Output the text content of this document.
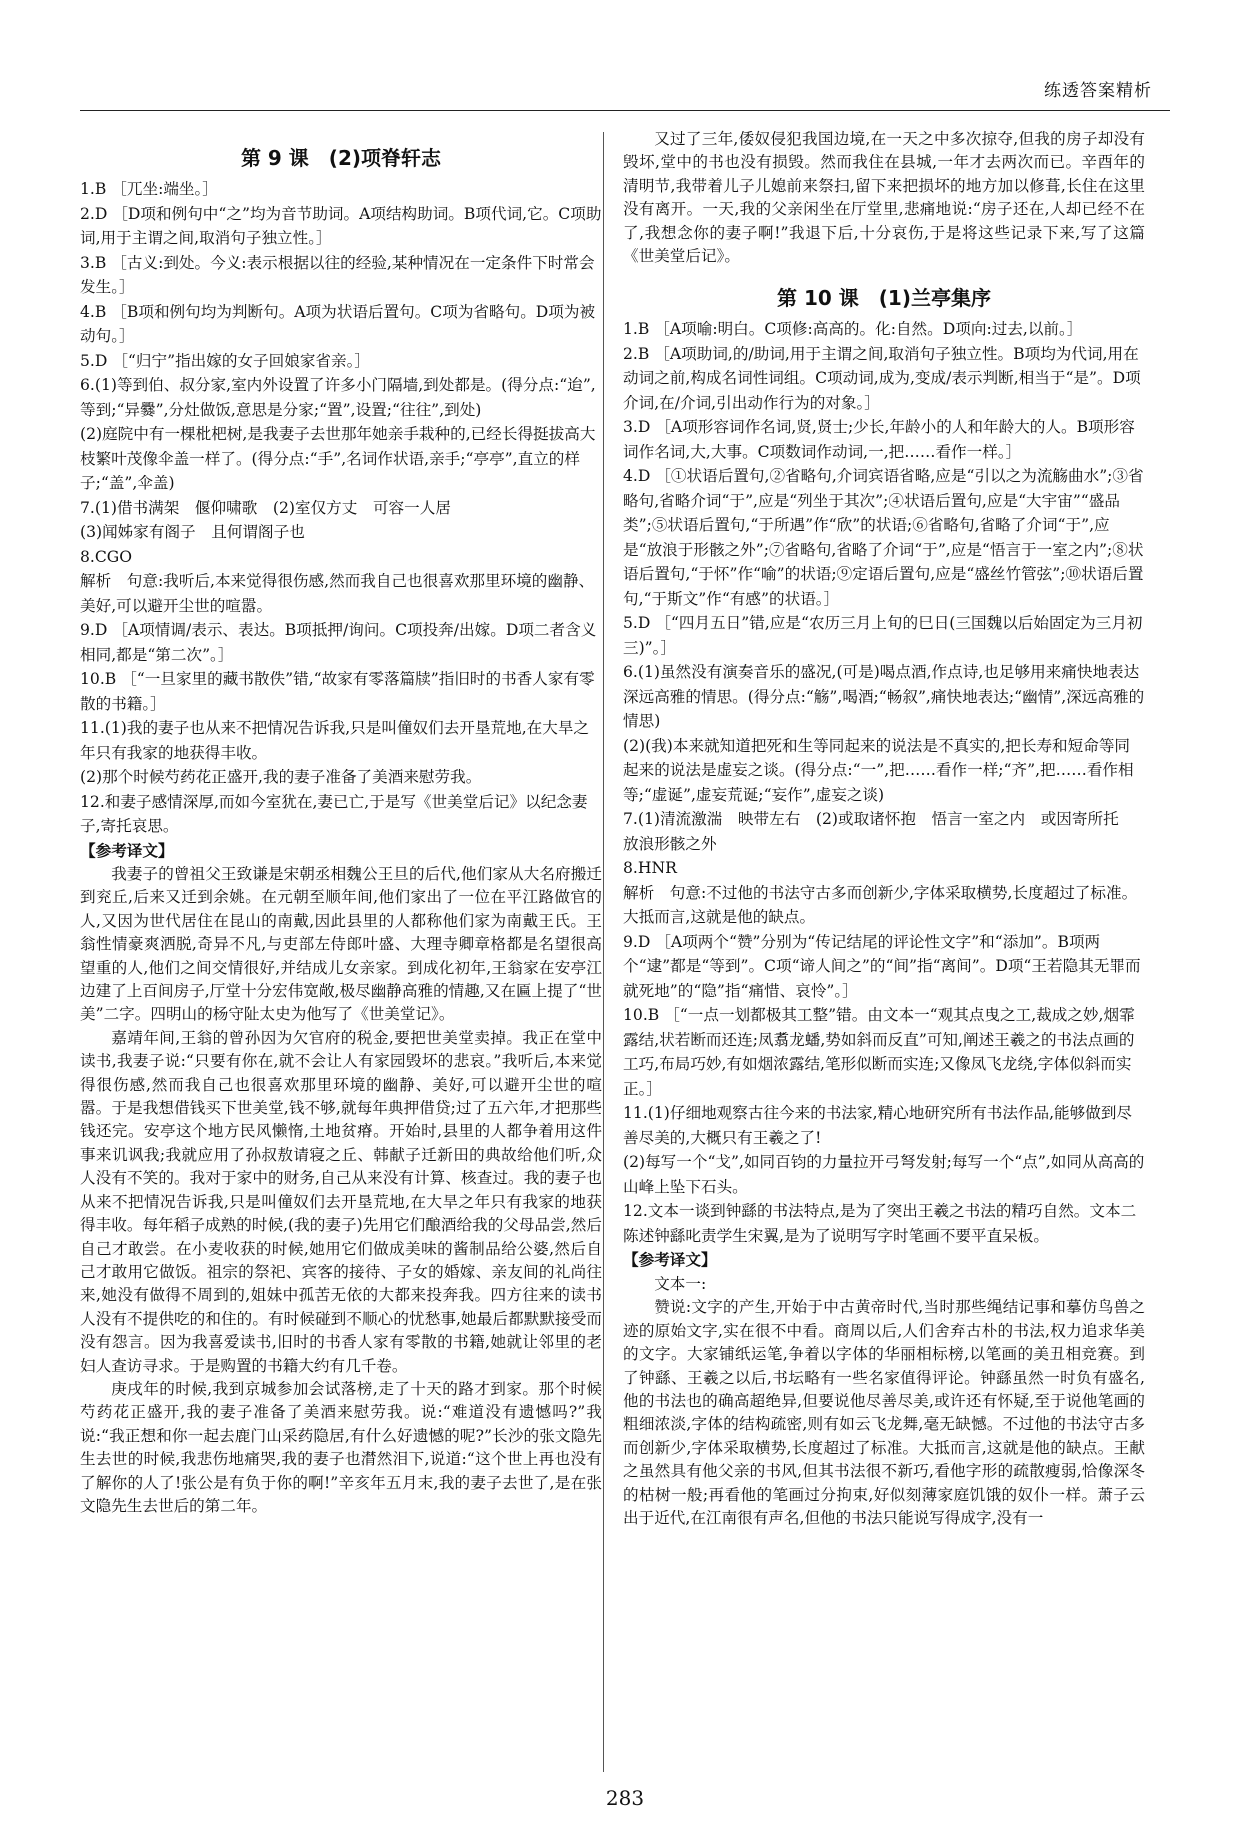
练透答案精析
第 9 课　(2)项脊轩志
1.B ［兀坐:端坐。］
2.D ［D项和例句中“之”均为音节助词。A项结构助词。B项代词,它。C项助词,用于主谓之间,取消句子独立性。］
3.B ［古义:到处。今义:表示根据以往的经验,某种情况在一定条件下时常会发生。］
4.B ［B项和例句均为判断句。A项为状语后置句。C项为省略句。D项为被动句。］
5.D ［“归宁”指出嫁的女子回娘家省亲。］
6.(1)等到伯、叔分家,室内外设置了许多小门隔墙,到处都是。(得分点:“迨”,等到;“异爨”,分灶做饭,意思是分家;“置”,设置;“往往”,到处)
(2)庭院中有一棵枇杷树,是我妻子去世那年她亲手栽种的,已经长得挺拔高大枝繁叶茂像伞盖一样了。(得分点:“手”,名词作状语,亲手;“亭亭”,直立的样子;“盖”,伞盖)
7.(1)借书满架　偃仰啸歌　(2)室仅方丈　可容一人居
(3)闻姊家有阁子　且何谓阁子也
8.CGO
解析　句意:我听后,本来觉得很伤感,然而我自己也很喜欢那里环境的幽静、美好,可以避开尘世的喧嚣。
9.D ［A项情调/表示、表达。B项抵押/询问。C项投奔/出嫁。D项二者含义相同,都是“第二次”。］
10.B ［“一旦家里的藏书散佚”错,“故家有零落篇牍”指旧时的书香人家有零散的书籍。］
11.(1)我的妻子也从来不把情况告诉我,只是叫僮奴们去开垦荒地,在大旱之年只有我家的地获得丰收。
(2)那个时候芍药花正盛开,我的妻子准备了美酒来慰劳我。
12.和妻子感情深厚,而如今室犹在,妻已亡,于是写《世美堂后记》以纪念妻子,寄托哀思。
【参考译文】
我妻子的曾祖父王致谦是宋朝丞相魏公王旦的后代,他们家从大名府搬迁到兖丘,后来又迁到余姚。在元朝至顺年间,他们家出了一位在平江路做官的人,又因为世代居住在昆山的南戴,因此县里的人都称他们家为南戴王氏。王翁性情豪爽洒脱,奇异不凡,与吏部左侍郎叶盛、大理寺卿章格都是名望很高望重的人,他们之间交情很好,并结成儿女亲家。到成化初年,王翁家在安亭江边建了上百间房子,厅堂十分宏伟宽敞,极尽幽静高雅的情趣,又在匾上提了“世美”二字。四明山的杨守阯太史为他写了《世美堂记》。
嘉靖年间,王翁的曾孙因为欠官府的税金,要把世美堂卖掉。我正在堂中读书,我妻子说:“只要有你在,就不会让人有家园毁坏的悲哀。”我听后,本来觉得很伤感,然而我自己也很喜欢那里环境的幽静、美好,可以避开尘世的喧嚣。于是我想借钱买下世美堂,钱不够,就每年典押借贷;过了五六年,才把那些钱还完。安亭这个地方民风懒惰,土地贫瘠。开始时,县里的人都争着用这件事来讥讽我;我就应用了孙叔敖请寝之丘、韩献子迁新田的典故给他们听,众人没有不笑的。我对于家中的财务,自己从来没有计算、核查过。我的妻子也从来不把情况告诉我,只是叫僮奴们去开垦荒地,在大旱之年只有我家的地获得丰收。每年稻子成熟的时候,(我的妻子)先用它们酿酒给我的父母品尝,然后自己才敢尝。在小麦收获的时候,她用它们做成美味的酱制品给公婆,然后自己才敢用它做饭。祖宗的祭祀、宾客的接待、子女的婚嫁、亲友间的礼尚往来,她没有做得不周到的,姐妹中孤苦无依的大都来投奔我。四方往来的读书人没有不提供吃的和住的。有时候碰到不顺心的忧愁事,她最后都默默接受而没有怨言。因为我喜爱读书,旧时的书香人家有零散的书籍,她就让邻里的老妇人查访寻求。于是购置的书籍大约有几千卷。
庚戌年的时候,我到京城参加会试落榜,走了十天的路才到家。那个时候芍药花正盛开,我的妻子准备了美酒来慰劳我。说:“难道没有遗憾吗?”我说:“我正想和你一起去鹿门山采药隐居,有什么好遗憾的呢?”长沙的张文隐先生去世的时候,我悲伤地痛哭,我的妻子也潸然泪下,说道:“这个世上再也没有了解你的人了!张公是有负于你的啊!”辛亥年五月末,我的妻子去世了,是在张文隐先生去世后的第二年。
又过了三年,倭奴侵犯我国边境,在一天之中多次掠夺,但我的房子却没有毁坏,堂中的书也没有损毁。然而我住在县城,一年才去两次而已。辛酉年的清明节,我带着儿子儿媳前来祭扫,留下来把损坏的地方加以修葺,长住在这里没有离开。一天,我的父亲闲坐在厅堂里,悲痛地说:“房子还在,人却已经不在了,我想念你的妻子啊!”我退下后,十分哀伤,于是将这些记录下来,写了这篇《世美堂后记》。
第 10 课　(1)兰亭集序
1.B ［A项喻:明白。C项修:高高的。化:自然。D项向:过去,以前。］
2.B ［A项助词,的/助词,用于主谓之间,取消句子独立性。B项均为代词,用在动词之前,构成名词性词组。C项动词,成为,变成/表示判断,相当于“是”。D项介词,在/介词,引出动作行为的对象。］
3.D ［A项形容词作名词,贤,贤士;少长,年龄小的人和年龄大的人。B项形容词作名词,大,大事。C项数词作动词,一,把……看作一样。］
4.D ［①状语后置句,②省略句,介词宾语省略,应是“引以之为流觞曲水”;③省略句,省略介词“于”,应是“列坐于其次”;④状语后置句,应是“大宇宙”“盛品类”;⑤状语后置句,“于所遇”作“欣”的状语;⑥省略句,省略了介词“于”,应是“放浪于形骸之外”;⑦省略句,省略了介词“于”,应是“悟言于一室之内”;⑧状语后置句,“于怀”作“喻”的状语;⑨定语后置句,应是“盛丝竹管弦”;⑩状语后置句,“于斯文”作“有感”的状语。］
5.D ［“四月五日”错,应是“农历三月上旬的巳日(三国魏以后始固定为三月初三)”。］
6.(1)虽然没有演奏音乐的盛况,(可是)喝点酒,作点诗,也足够用来痛快地表达深远高雅的情思。(得分点:“觞”,喝酒;“畅叙”,痛快地表达;“幽情”,深远高雅的情思)
(2)(我)本来就知道把死和生等同起来的说法是不真实的,把长寿和短命等同起来的说法是虚妄之谈。(得分点:“一”,把……看作一样;“齐”,把……看作相等;“虚诞”,虚妄荒诞;“妄作”,虚妄之谈)
7.(1)清流激湍　映带左右　(2)或取诸怀抱　悟言一室之内　或因寄所托　放浪形骸之外
8.HNR
解析　句意:不过他的书法守古多而创新少,字体采取横势,长度超过了标准。大抵而言,这就是他的缺点。
9.D ［A项两个“赞”分别为“传记结尾的评论性文字”和“添加”。B项两个“逮”都是“等到”。C项“谛人间之”的“间”指“离间”。D项“王若隐其无罪而就死地”的“隐”指“痛惜、哀怜”。］
10.B ［“一点一划都极其工整”错。由文本一“观其点曳之工,裁成之妙,烟霏露结,状若断而还连;凤翥龙蟠,势如斜而反直”可知,阐述王羲之的书法点画的工巧,布局巧妙,有如烟浓露结,笔形似断而实连;又像凤飞龙绕,字体似斜而实正。］
11.(1)仔细地观察古往今来的书法家,精心地研究所有书法作品,能够做到尽善尽美的,大概只有王羲之了!
(2)每写一个“戈”,如同百钧的力量拉开弓弩发射;每写一个“点”,如同从高高的山峰上坠下石头。
12.文本一谈到钟繇的书法特点,是为了突出王羲之书法的精巧自然。文本二陈述钟繇叱责学生宋翼,是为了说明写字时笔画不要平直呆板。
【参考译文】
文本一:
赞说:文字的产生,开始于中古黄帝时代,当时那些绳结记事和摹仿鸟兽之迹的原始文字,实在很不中看。商周以后,人们舍弃古朴的书法,权力追求华美的文字。大家铺纸运笔,争着以字体的华丽相标榜,以笔画的美丑相竞赛。到了钟繇、王羲之以后,书坛略有一些名家值得评论。钟繇虽然一时负有盛名,他的书法也的确高超绝异,但要说他尽善尽美,或许还有怀疑,至于说他笔画的粗细浓淡,字体的结构疏密,则有如云飞龙舞,毫无缺憾。不过他的书法守古多而创新少,字体采取横势,长度超过了标准。大抵而言,这就是他的缺点。王献之虽然具有他父亲的书风,但其书法很不新巧,看他字形的疏散瘦弱,恰像深冬的枯树一般;再看他的笔画过分拘束,好似刻薄家庭饥饿的奴仆一样。萧子云出于近代,在江南很有声名,但他的书法只能说写得成字,没有一
283
